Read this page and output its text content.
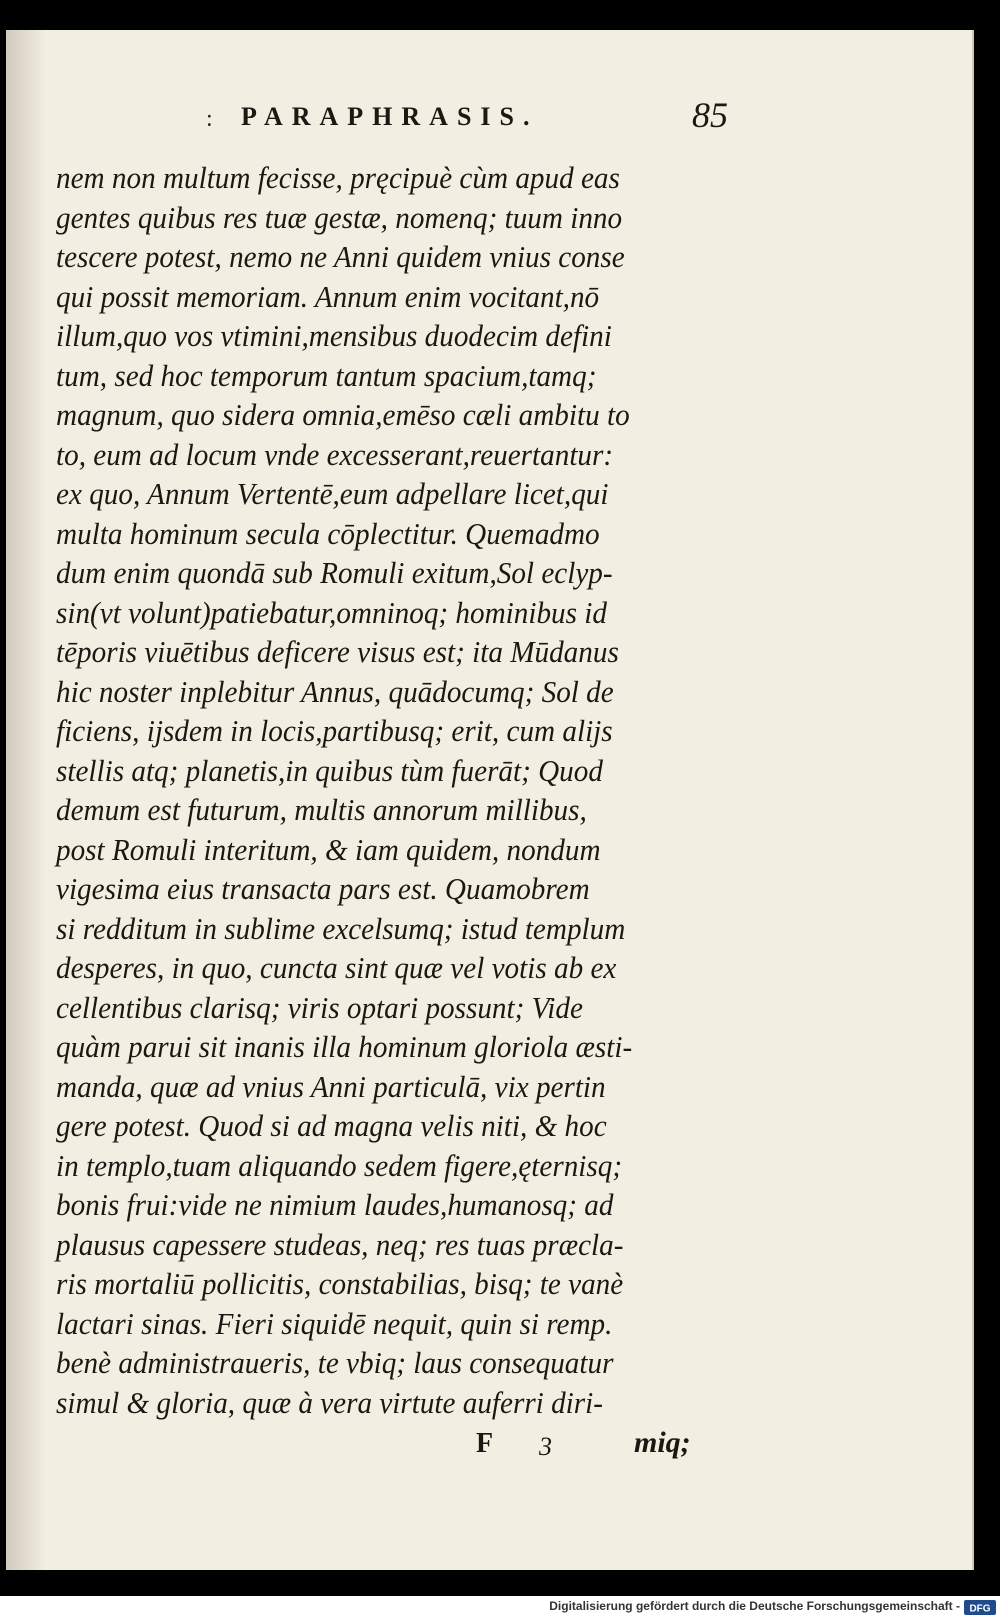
: PARAPHRASIS.	85
nem non multum fecisse, pręcipuè cùm apud eas
gentes quibus res tuæ gestæ, nomenq; tuum inno
tescere potest, nemo ne Anni quidem vnius conse
qui possit memoriam. Annum enim vocitant,nō
illum,quo vos vtimini,mensibus duodecim defini
tum, sed hoc temporum tantum spacium,tamq;
magnum, quo sidera omnia,emēso cæli ambitu to
to, eum ad locum vnde excesserant,reuertantur:
ex quo, Annum Vertentē,eum adpellare licet,qui
multa hominum secula cōplectitur. Quemadmo
dum enim quondā sub Romuli exitum,Sol eclyp-
sin(vt volunt)patiebatur,omninoq; hominibus id
tēporis viuētibus deficere visus est; ita Mūdanus
hic noster inplebitur Annus, quādocumq; Sol de
ficiens, ijsdem in locis,partibusq; erit, cum alijs
stellis atq; planetis,in quibus tùm fuerāt; Quod
demum est futurum, multis annorum millibus,
post Romuli interitum, & iam quidem, nondum
vigesima eius transacta pars est. Quamobrem
si redditum in sublime excelsumq; istud templum
desperes, in quo, cuncta sint quæ vel votis ab ex
cellentibus clarisq; viris optari possunt; Vide
quàm parui sit inanis illa hominum gloriola æsti-
manda, quæ ad vnius Anni particulā, vix pertin
gere potest. Quod si ad magna velis niti, & hoc
in templo,tuam aliquando sedem figere,ęternisq;
bonis frui:vide ne nimium laudes,humanosq; ad
plausus capessere studeas, neq; res tuas præcla-
ris mortaliū pollicitis, constabilias, bisq; te vanè
lactari sinas. Fieri siquidē nequit, quin si remp.
benè administraueris, te vbiq; laus consequatur
simul & gloria, quæ à vera virtute auferri diri-
F 3	miq;
Digitalisierung gefördert durch die Deutsche Forschungsgemeinschaft - DFG
